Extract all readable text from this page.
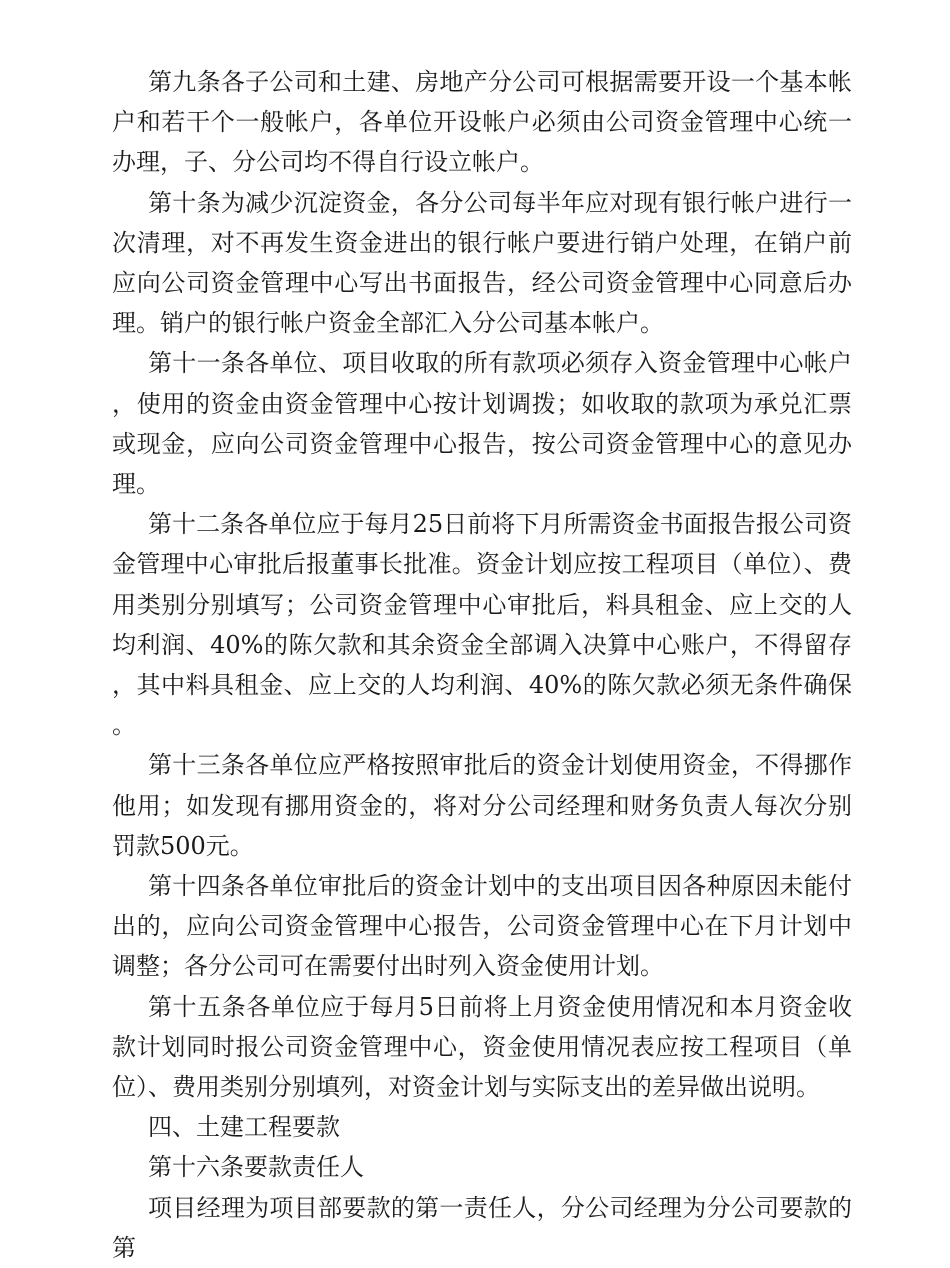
第九条各子公司和土建、房地产分公司可根据需要开设一个基本帐户和若干个一般帐户，各单位开设帐户必须由公司资金管理中心统一办理，子、分公司均不得自行设立帐户。

第十条为减少沉淀资金，各分公司每半年应对现有银行帐户进行一次清理，对不再发生资金进出的银行帐户要进行销户处理，在销户前应向公司资金管理中心写出书面报告，经公司资金管理中心同意后办理。销户的银行帐户资金全部汇入分公司基本帐户。

第十一条各单位、项目收取的所有款项必须存入资金管理中心帐户，使用的资金由资金管理中心按计划调拨；如收取的款项为承兑汇票或现金，应向公司资金管理中心报告，按公司资金管理中心的意见办理。

第十二条各单位应于每月25日前将下月所需资金书面报告报公司资金管理中心审批后报董事长批准。资金计划应按工程项目（单位）、费用类别分别填写；公司资金管理中心审批后，料具租金、应上交的人均利润、40%的陈欠款和其余资金全部调入决算中心账户，不得留存，其中料具租金、应上交的人均利润、40%的陈欠款必须无条件确保。

第十三条各单位应严格按照审批后的资金计划使用资金，不得挪作他用；如发现有挪用资金的，将对分公司经理和财务负责人每次分别罚款500元。

第十四条各单位审批后的资金计划中的支出项目因各种原因未能付出的，应向公司资金管理中心报告，公司资金管理中心在下月计划中调整；各分公司可在需要付出时列入资金使用计划。

第十五条各单位应于每月5日前将上月资金使用情况和本月资金收款计划同时报公司资金管理中心，资金使用情况表应按工程项目（单位）、费用类别分别填列，对资金计划与实际支出的差异做出说明。

四、土建工程要款

第十六条要款责任人

项目经理为项目部要款的第一责任人，分公司经理为分公司要款的第
